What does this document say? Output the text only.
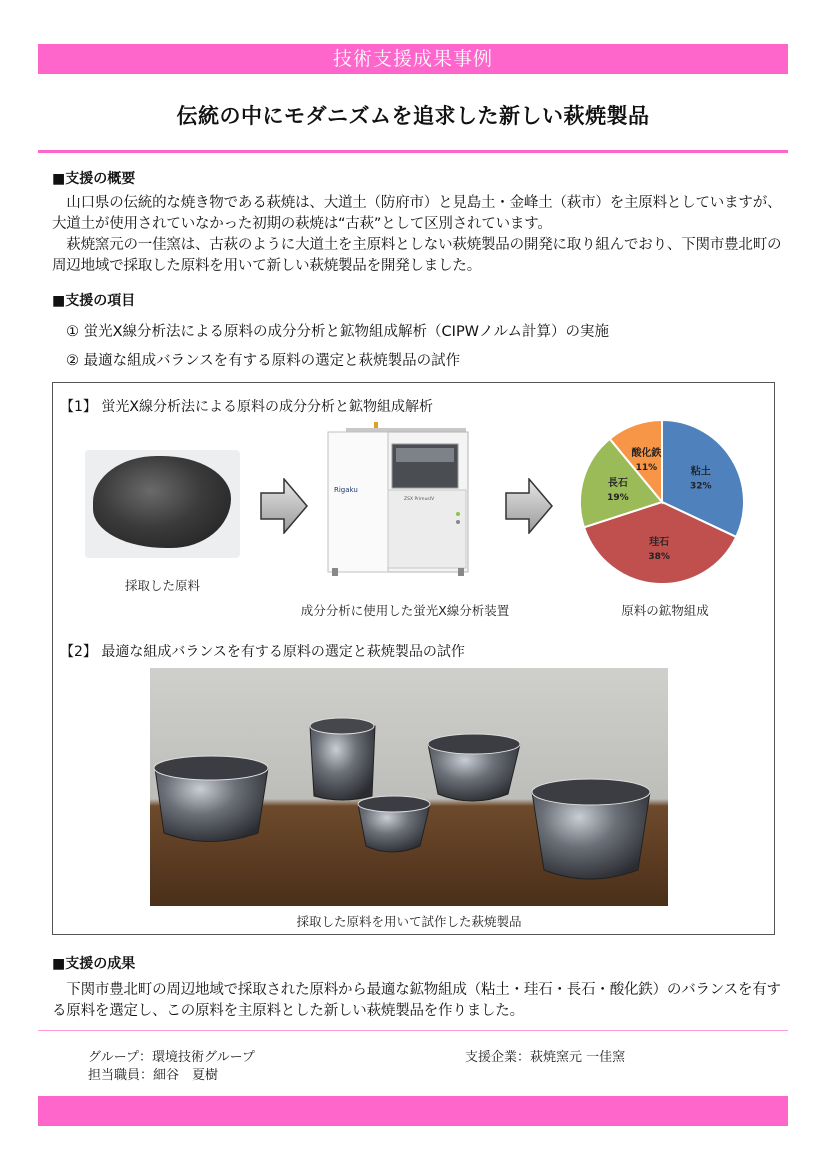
技術支援成果事例
伝統の中にモダニズムを追求した新しい萩焼製品
■支援の概要

　山口県の伝統的な焼き物である萩焼は、大道土（防府市）と見島土・金峰土（萩市）を主原料としていますが、大道土が使用されていなかった初期の萩焼は“古萩”として区別されています。

　萩焼窯元の一佳窯は、古萩のように大道土を主原料としない萩焼製品の開発に取り組んでおり、下関市豊北町の周辺地域で採取した原料を用いて新しい萩焼製品を開発しました。

■支援の項目
① 蛍光X線分析法による原料の成分分析と鉱物組成解析（CIPWノルム計算）の実施
② 最適な組成バランスを有する原料の選定と萩焼製品の試作
【1】 蛍光X線分析法による原料の成分分析と鉱物組成解析
採取した原料
Rigaku
ZSX PrimusIV
成分分析に使用した蛍光X線分析装置
粘土
32%
珪石
38%
長石
19%
酸化鉄
11%
原料の鉱物組成
【2】 最適な組成バランスを有する原料の選定と萩焼製品の試作
採取した原料を用いて試作した萩焼製品
■支援の成果
　下関市豊北町の周辺地域で採取された原料から最適な鉱物組成（粘土・珪石・長石・酸化鉄）のバランスを有する原料を選定し、この原料を主原料とした新しい萩焼製品を作りました。
グループ：環境技術グループ
担当職員：細谷　夏樹
支援企業：萩焼窯元 一佳窯
